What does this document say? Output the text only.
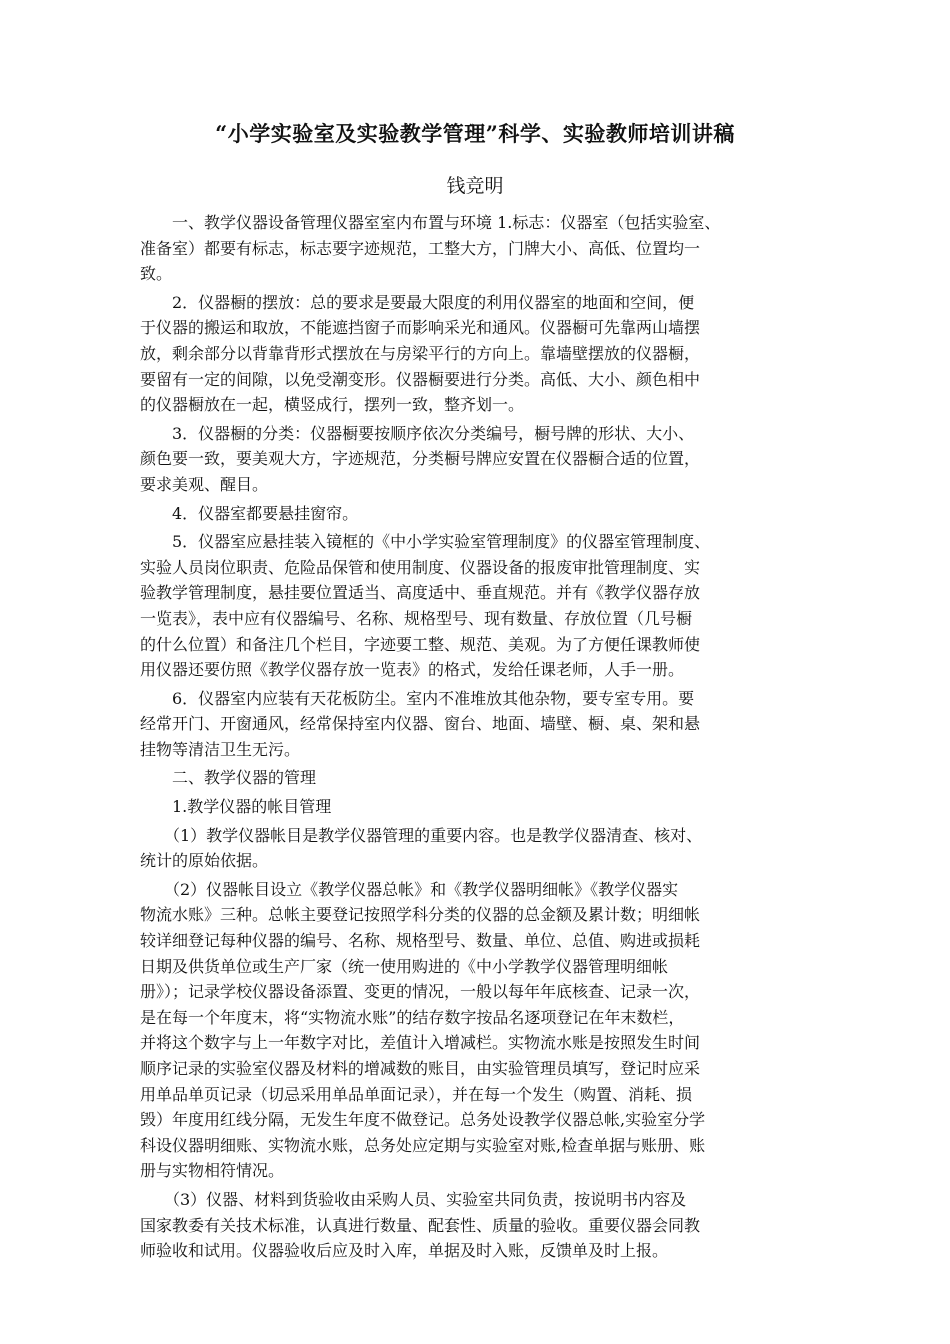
“小学实验室及实验教学管理”科学、实验教师培训讲稿
钱竞明
　　一、教学仪器设备管理仪器室室内布置与环境 1.标志：仪器室（包括实验室、
准备室）都要有标志，标志要字迹规范，工整大方，门牌大小、高低、位置均一
致。
　　2．仪器橱的摆放：总的要求是要最大限度的利用仪器室的地面和空间，便
于仪器的搬运和取放，不能遮挡窗子而影响采光和通风。仪器橱可先靠两山墙摆
放，剩余部分以背靠背形式摆放在与房梁平行的方向上。靠墙壁摆放的仪器橱，
要留有一定的间隙，以免受潮变形。仪器橱要进行分类。高低、大小、颜色相中
的仪器橱放在一起，横竖成行，摆列一致，整齐划一。
　　3．仪器橱的分类：仪器橱要按顺序依次分类编号，橱号牌的形状、大小、
颜色要一致，要美观大方，字迹规范，分类橱号牌应安置在仪器橱合适的位置，
要求美观、醒目。
　　4．仪器室都要悬挂窗帘。
　　5．仪器室应悬挂装入镜框的《中小学实验室管理制度》的仪器室管理制度、
实验人员岗位职责、危险品保管和使用制度、仪器设备的报废审批管理制度、实
验教学管理制度，悬挂要位置适当、高度适中、垂直规范。并有《教学仪器存放
一览表》，表中应有仪器编号、名称、规格型号、现有数量、存放位置（几号橱
的什么位置）和备注几个栏目，字迹要工整、规范、美观。为了方便任课教师使
用仪器还要仿照《教学仪器存放一览表》的格式，发给任课老师，人手一册。
　　6．仪器室内应装有天花板防尘。室内不准堆放其他杂物，要专室专用。要
经常开门、开窗通风，经常保持室内仪器、窗台、地面、墙壁、橱、桌、架和悬
挂物等清洁卫生无污。
　　二、教学仪器的管理
　　1.教学仪器的帐目管理
　　（1）教学仪器帐目是教学仪器管理的重要内容。也是教学仪器清查、核对、
统计的原始依据。
　　（2）仪器帐目设立《教学仪器总帐》和《教学仪器明细帐》《教学仪器实
物流水账》三种。总帐主要登记按照学科分类的仪器的总金额及累计数；明细帐
较详细登记每种仪器的编号、名称、规格型号、数量、单位、总值、购进或损耗
日期及供货单位或生产厂家（统一使用购进的《中小学教学仪器管理明细帐
册》）；记录学校仪器设备添置、变更的情况，一般以每年年底核查、记录一次，
是在每一个年度末，将“实物流水账”的结存数字按品名逐项登记在年末数栏，
并将这个数字与上一年数字对比，差值计入增减栏。实物流水账是按照发生时间
顺序记录的实验室仪器及材料的增减数的账目，由实验管理员填写，登记时应采
用单品单页记录（切忌采用单品单面记录），并在每一个发生（购置、消耗、损
毁）年度用红线分隔，无发生年度不做登记。总务处设教学仪器总帐,实验室分学
科设仪器明细账、实物流水账，总务处应定期与实验室对账,检查单据与账册、账
册与实物相符情况。
　　（3）仪器、材料到货验收由采购人员、实验室共同负责，按说明书内容及
国家教委有关技术标准，认真进行数量、配套性、质量的验收。重要仪器会同教
师验收和试用。仪器验收后应及时入库，单据及时入账，反馈单及时上报。
